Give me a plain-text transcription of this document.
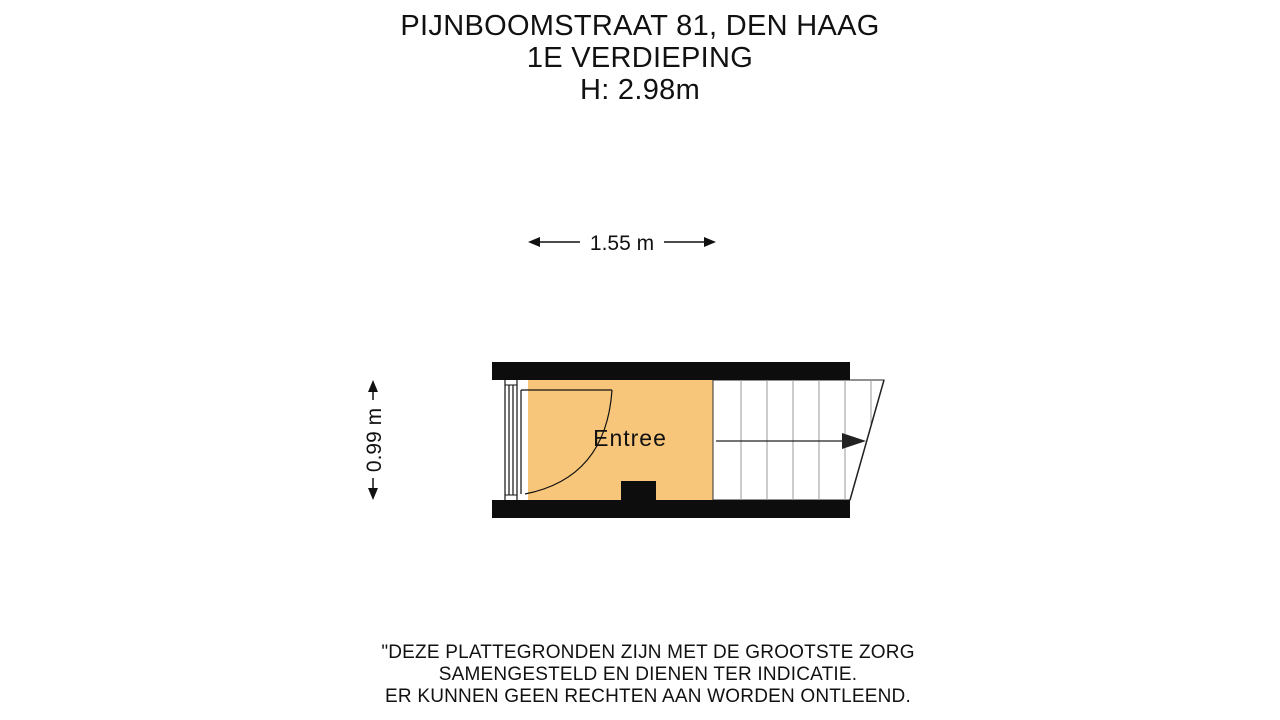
PIJNBOOMSTRAAT 81, DEN HAAG
1E VERDIEPING
H: 2.98m
1.55 m
0.99 m	Entree
"DEZE PLATTEGRONDEN ZIJN MET DE GROOTSTE ZORG
SAMENGESTELD EN DIENEN TER INDICATIE.
ER KUNNEN GEEN RECHTEN AAN WORDEN ONTLEEND.
